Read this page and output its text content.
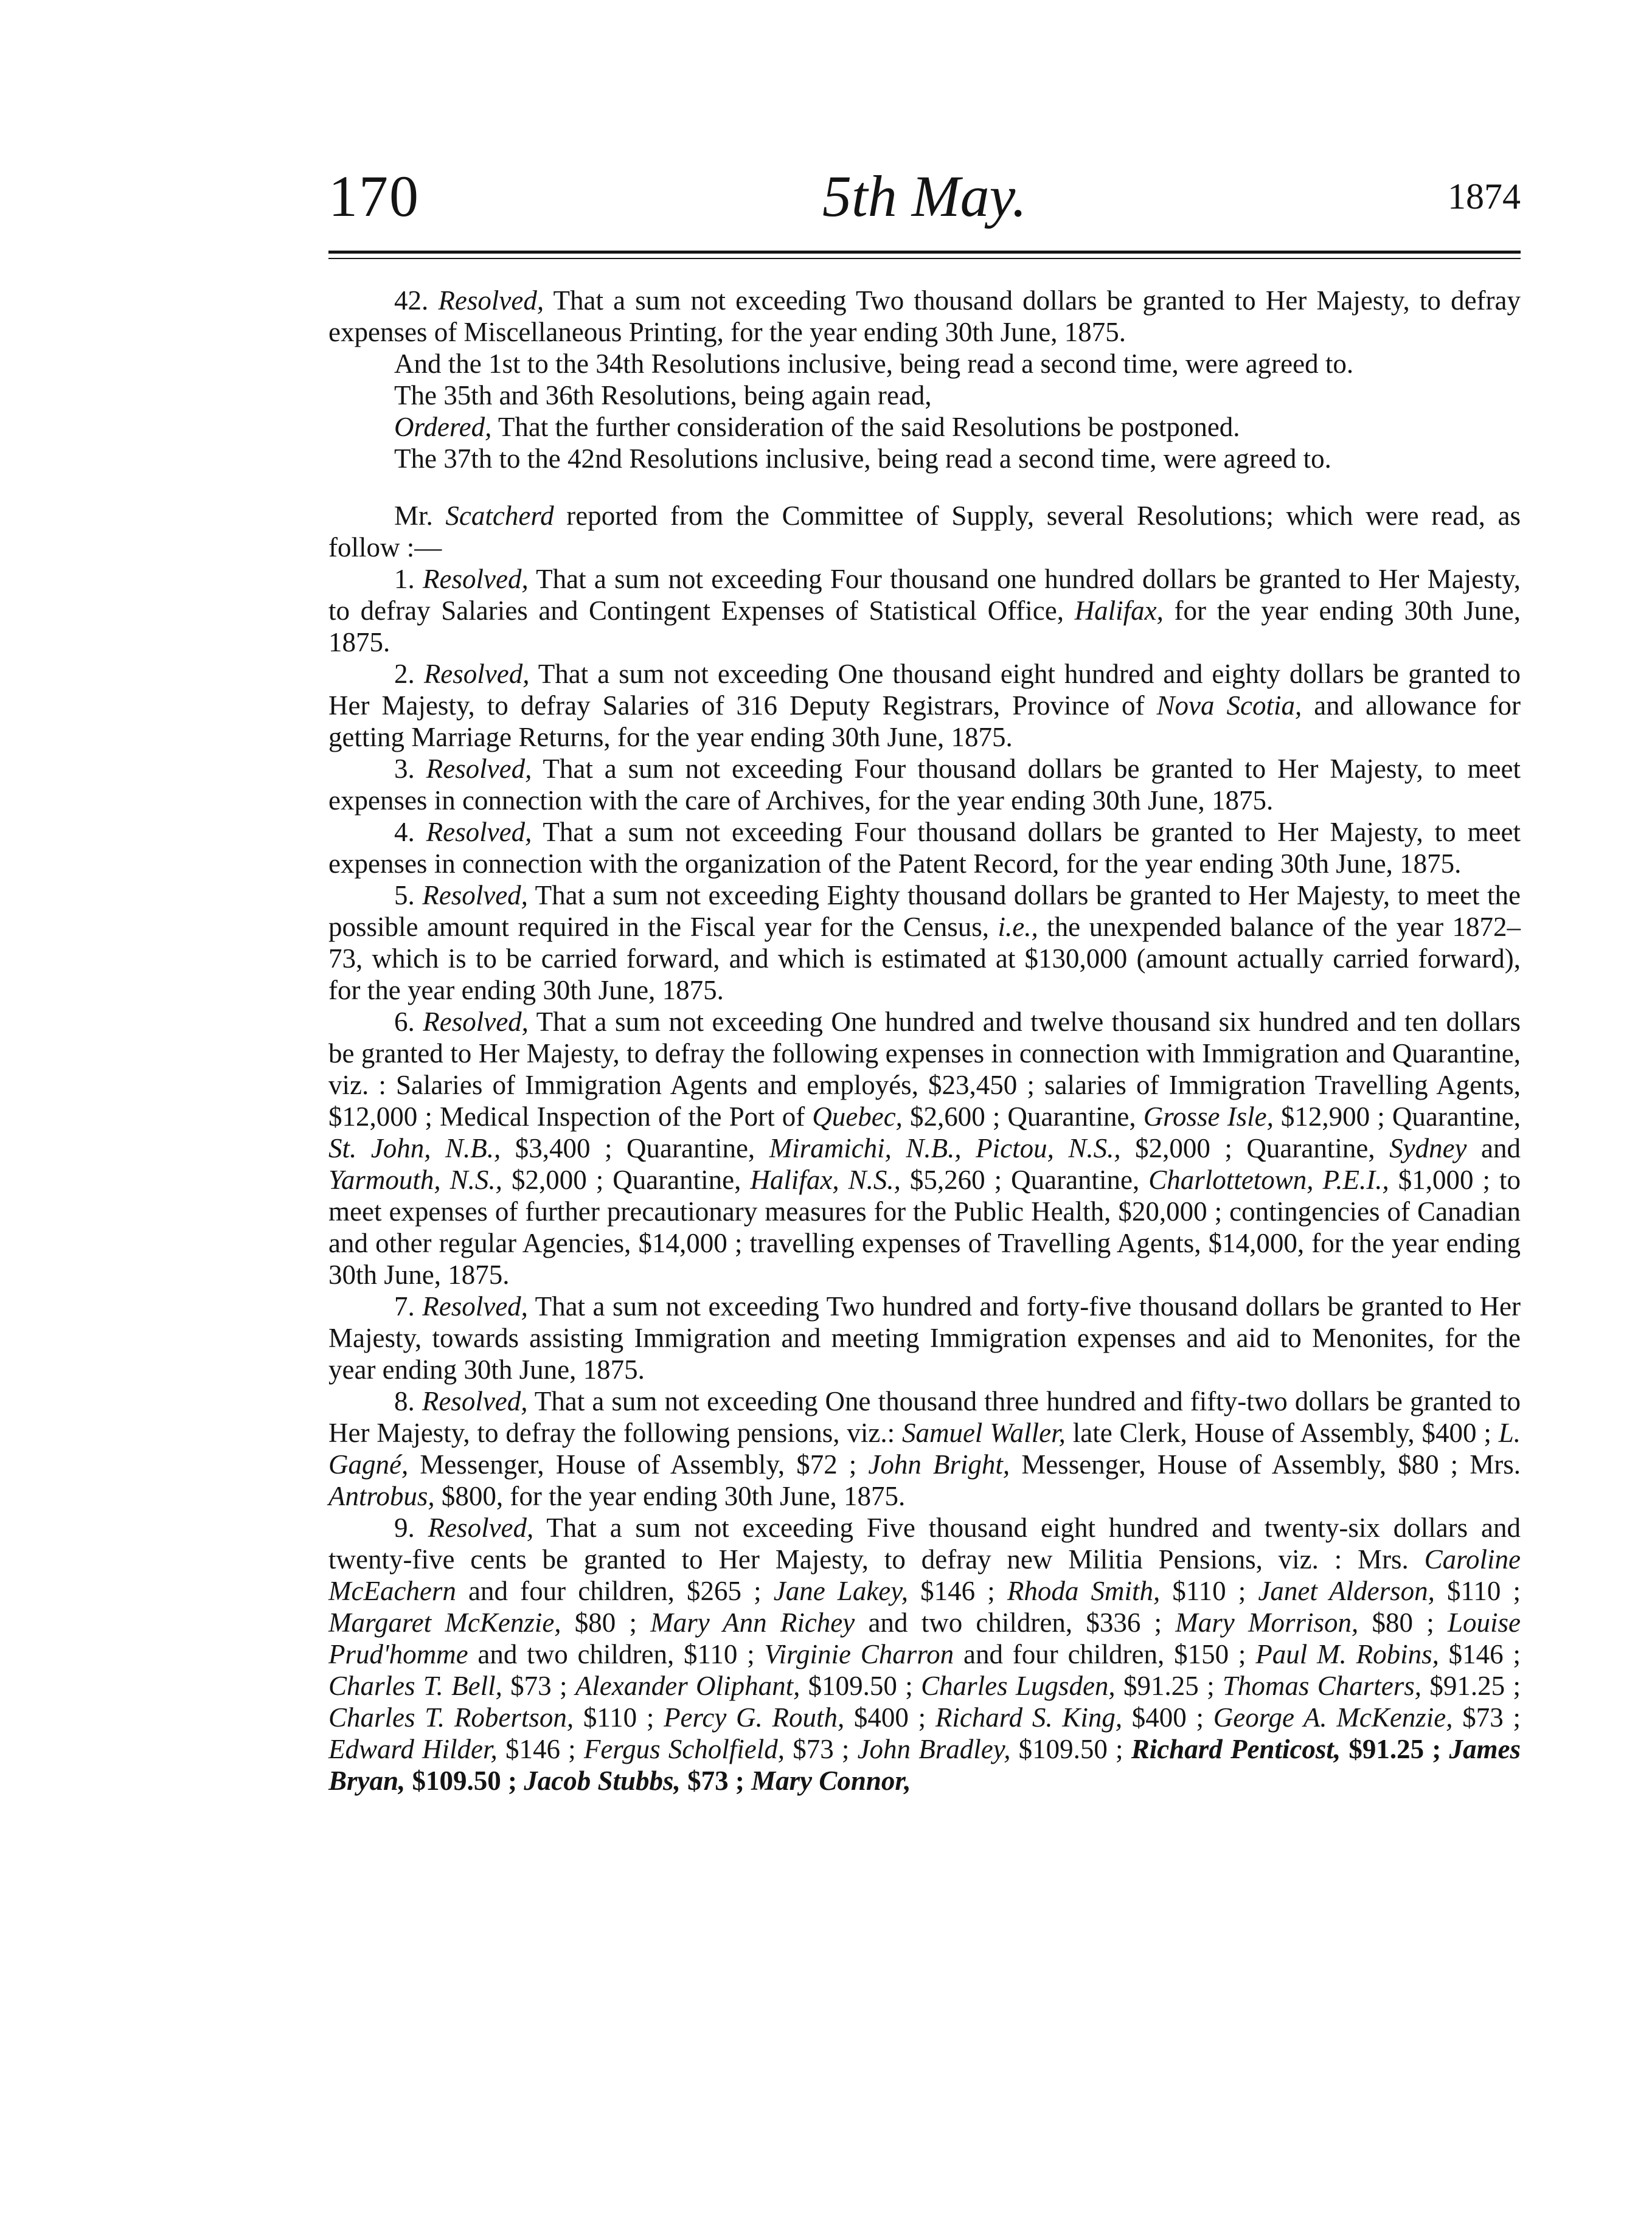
170	5th May.	1874

42. Resolved, That a sum not exceeding Two thousand dollars be granted to Her Majesty, to defray expenses of Miscellaneous Printing, for the year ending 30th June, 1875.

And the 1st to the 34th Resolutions inclusive, being read a second time, were agreed to.

The 35th and 36th Resolutions, being again read,

Ordered, That the further consideration of the said Resolutions be postponed.

The 37th to the 42nd Resolutions inclusive, being read a second time, were agreed to.

Mr. Scatcherd reported from the Committee of Supply, several Resolutions; which were read, as follow :—

1. Resolved, That a sum not exceeding Four thousand one hundred dollars be granted to Her Majesty, to defray Salaries and Contingent Expenses of Statistical Office, Halifax, for the year ending 30th June, 1875.

2. Resolved, That a sum not exceeding One thousand eight hundred and eighty dollars be granted to Her Majesty, to defray Salaries of 316 Deputy Registrars, Province of Nova Scotia, and allowance for getting Marriage Returns, for the year ending 30th June, 1875.

3. Resolved, That a sum not exceeding Four thousand dollars be granted to Her Majesty, to meet expenses in connection with the care of Archives, for the year ending 30th June, 1875.

4. Resolved, That a sum not exceeding Four thousand dollars be granted to Her Majesty, to meet expenses in connection with the organization of the Patent Record, for the year ending 30th June, 1875.

5. Resolved, That a sum not exceeding Eighty thousand dollars be granted to Her Majesty, to meet the possible amount required in the Fiscal year for the Census, i.e., the unexpended balance of the year 1872–73, which is to be carried forward, and which is estimated at $130,000 (amount actually carried forward), for the year ending 30th June, 1875.

6. Resolved, That a sum not exceeding One hundred and twelve thousand six hundred and ten dollars be granted to Her Majesty, to defray the following expenses in connection with Immigration and Quarantine, viz. : Salaries of Immigration Agents and employés, $23,450 ; salaries of Immigration Travelling Agents, $12,000 ; Medical Inspection of the Port of Quebec, $2,600 ; Quarantine, Grosse Isle, $12,900 ; Quarantine, St. John, N.B., $3,400 ; Quarantine, Miramichi, N.B., Pictou, N.S., $2,000 ; Quarantine, Sydney and Yarmouth, N.S., $2,000 ; Quarantine, Halifax, N.S., $5,260 ; Quarantine, Charlottetown, P.E.I., $1,000 ; to meet expenses of further precautionary measures for the Public Health, $20,000 ; contingencies of Canadian and other regular Agencies, $14,000 ; travelling expenses of Travelling Agents, $14,000, for the year ending 30th June, 1875.

7. Resolved, That a sum not exceeding Two hundred and forty-five thousand dollars be granted to Her Majesty, towards assisting Immigration and meeting Immigration expenses and aid to Menonites, for the year ending 30th June, 1875.

8. Resolved, That a sum not exceeding One thousand three hundred and fifty-two dollars be granted to Her Majesty, to defray the following pensions, viz.: Samuel Waller, late Clerk, House of Assembly, $400 ; L. Gagné, Messenger, House of Assembly, $72 ; John Bright, Messenger, House of Assembly, $80 ; Mrs. Antrobus, $800, for the year ending 30th June, 1875.

9. Resolved, That a sum not exceeding Five thousand eight hundred and twenty-six dollars and twenty-five cents be granted to Her Majesty, to defray new Militia Pensions, viz. : Mrs. Caroline McEachern and four children, $265 ; Jane Lakey, $146 ; Rhoda Smith, $110 ; Janet Alderson, $110 ; Margaret McKenzie, $80 ; Mary Ann Richey and two children, $336 ; Mary Morrison, $80 ; Louise Prud'homme and two children, $110 ; Virginie Charron and four children, $150 ; Paul M. Robins, $146 ; Charles T. Bell, $73 ; Alexander Oliphant, $109.50 ; Charles Lugsden, $91.25 ; Thomas Charters, $91.25 ; Charles T. Robertson, $110 ; Percy G. Routh, $400 ; Richard S. King, $400 ; George A. McKenzie, $73 ; Edward Hilder, $146 ; Fergus Scholfield, $73 ; John Bradley, $109.50 ; Richard Penticost, $91.25 ; James Bryan, $109.50 ; Jacob Stubbs, $73 ; Mary Connor,
